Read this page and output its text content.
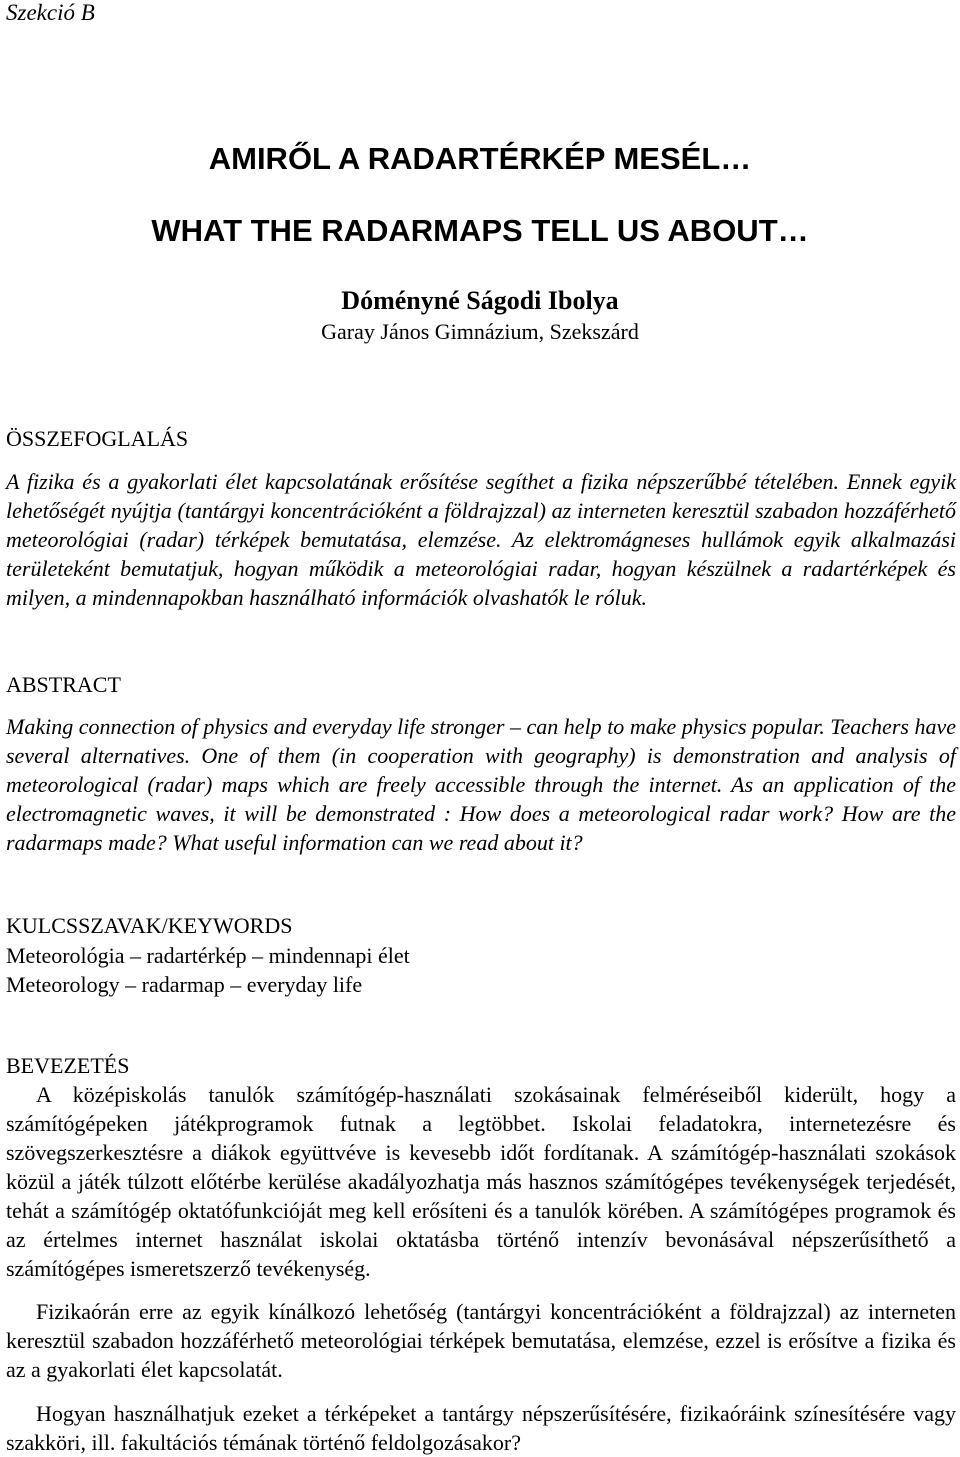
Szekció B
AMIRŐL A RADARTÉRKÉP MESÉL…
WHAT THE RADARMAPS TELL US ABOUT…
Dóményné Ságodi Ibolya
Garay János Gimnázium, Szekszárd
ÖSSZEFOGLALÁS
A fizika és a gyakorlati élet kapcsolatának erősítése segíthet a fizika népszerűbbé tételében. Ennek egyik lehetőségét nyújtja (tantárgyi koncentrációként a földrajzzal) az interneten keresztül szabadon hozzáférhető meteorológiai (radar) térképek bemutatása, elemzése. Az elektromágneses hullámok egyik alkalmazási területeként bemutatjuk, hogyan működik a meteorológiai radar, hogyan készülnek a radartérképek és milyen, a mindennapokban használható információk olvashatók le róluk.
ABSTRACT
Making connection of physics and everyday life stronger – can help to make physics popular. Teachers have several alternatives. One of them (in cooperation with geography) is demonstration and analysis of meteorological (radar) maps which are freely accessible through the internet. As an application of the electromagnetic waves, it will be demonstrated : How does a meteorological radar work? How are the radarmaps made? What useful information can we read about it?
KULCSSZAVAK/KEYWORDS
Meteorológia – radartérkép – mindennapi élet
Meteorology – radarmap – everyday life
BEVEZETÉS
A középiskolás tanulók számítógép-használati szokásainak felméréseiből kiderült, hogy a számítógépeken játékprogramok futnak a legtöbbet. Iskolai feladatokra, internetezésre és szövegszerkesztésre a diákok együttvéve is kevesebb időt fordítanak. A számítógép-használati szokások közül a játék túlzott előtérbe kerülése akadályozhatja más hasznos számítógépes tevékenységek terjedését, tehát a számítógép oktatófunkcióját meg kell erősíteni és a tanulók körében. A számítógépes programok és az értelmes internet használat iskolai oktatásba történő intenzív bevonásával népszerűsíthető a számítógépes ismeretszerző tevékenység.
Fizikaórán erre az egyik kínálkozó lehetőség (tantárgyi koncentrációként a földrajzzal) az interneten keresztül szabadon hozzáférhető meteorológiai térképek bemutatása, elemzése, ezzel is erősítve a fizika és az a gyakorlati élet kapcsolatát.
Hogyan használhatjuk ezeket a térképeket a tantárgy népszerűsítésére, fizikaóráink színesítésére vagy szakköri, ill. fakultációs témának történő feldolgozásakor?
